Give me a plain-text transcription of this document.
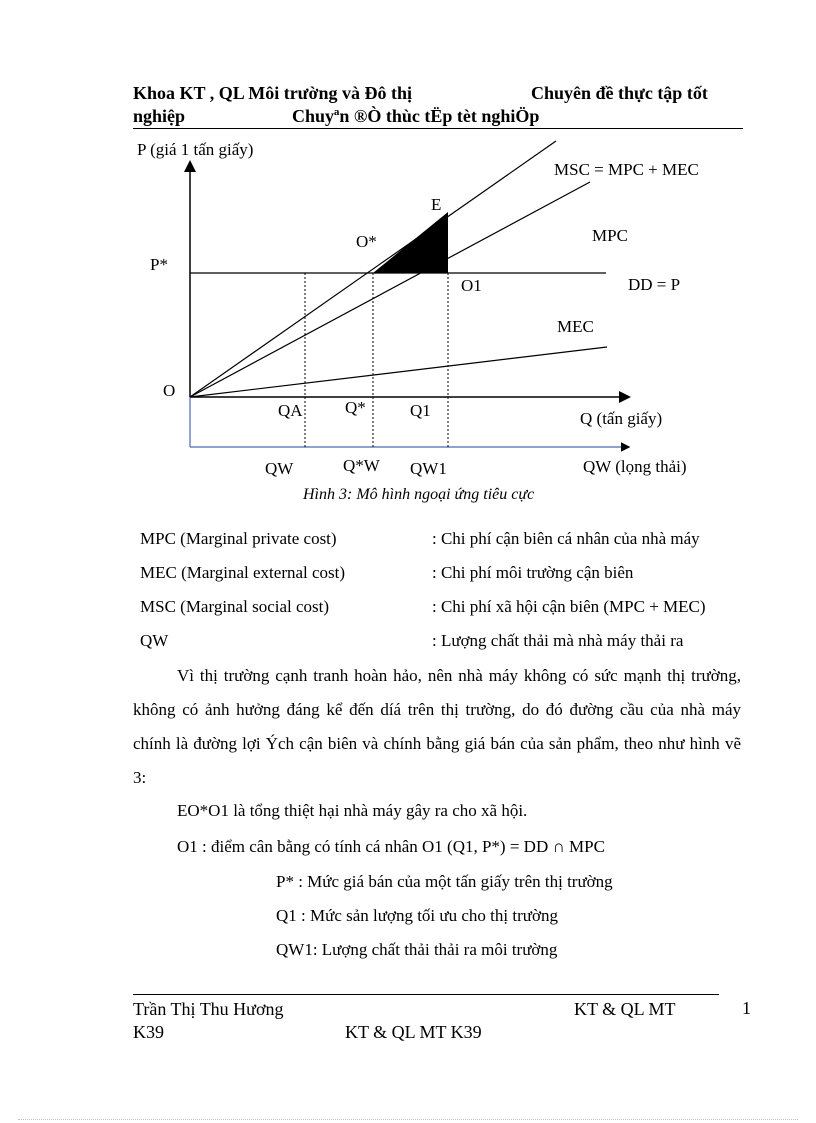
Khoa KT , QL Môi trường và Đô thị	Chuyên đề thực tập tốt
nghiệp	Chuyªn ®Ò thùc tËp tèt nghiÖp
P (giá 1 tấn giấy)
O
P*
MSC = MPC + MEC
MPC
MEC
DD = P
E
O*
O1
QA Q*	Q1	Q (tấn giấy)
QW	Q*W QW1	QW (lọng thải)
Hình 3: Mô hình ngoại ứng tiêu cực
MPC (Marginal private cost)	: Chi phí cận biên cá nhân của nhà máy
MEC (Marginal external cost)	: Chi phí môi trường cận biên
MSC (Marginal social cost)	: Chi phí xã hội cận biên (MPC + MEC)
QW	: Lượng chất thải mà nhà máy thải ra

Vì thị trường cạnh tranh hoàn hảo, nên nhà máy không có sức mạnh thị trường, không có ảnh hưởng đáng kể đến díá trên thị trường, do đó đường cầu của nhà máy chính là đường lợi Ých cận biên và chính bằng giá bán của sản phẩm, theo như hình vẽ 3:

EO*O1 là tổng thiệt hại nhà máy gây ra cho xã hội.
O1 : điểm cân bằng có tính cá nhân O1 (Q1, P*) = DD ∩ MPC
P* : Mức giá bán của một tấn giấy trên thị trường
Q1 : Mức sản lượng tối ưu cho thị trường
QW1: Lượng chất thải thải ra môi trường
Trần Thị Thu Hương	KT & QL MT	1
K39	KT & QL MT K39
